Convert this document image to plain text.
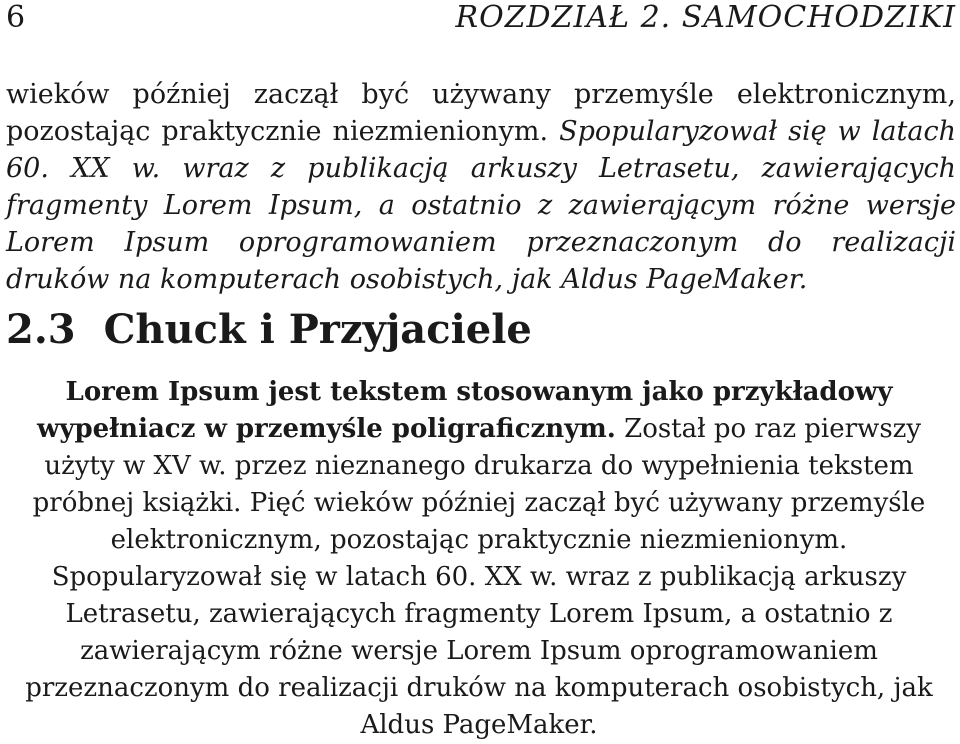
6	ROZDZIAŁ 2. SAMOCHODZIKI

wieków później zaczął być używany przemyśle elektronicznym, pozostając praktycznie niezmienionym. Spopularyzował się w latach 60. XX w. wraz z publikacją arkuszy Letrasetu, zawierających fragmenty Lorem Ipsum, a ostatnio z zawierającym różne wersje Lorem Ipsum oprogramowaniem przeznaczonym do realizacji druków na komputerach osobistych, jak Aldus PageMaker.

2.3 Chuck i Przyjaciele

Lorem Ipsum jest tekstem stosowanym jako przykładowy wypełniacz w przemyśle poligraficznym. Został po raz pierwszy użyty w XV w. przez nieznanego drukarza do wypełnienia tekstem próbnej książki. Pięć wieków później zaczął być używany przemyśle elektronicznym, pozostając praktycznie niezmienionym. Spopularyzował się w latach 60. XX w. wraz z publikacją arkuszy Letrasetu, zawierających fragmenty Lorem Ipsum, a ostatnio z zawierającym różne wersje Lorem Ipsum oprogramowaniem przeznaczonym do realizacji druków na komputerach osobistych, jak Aldus PageMaker.
